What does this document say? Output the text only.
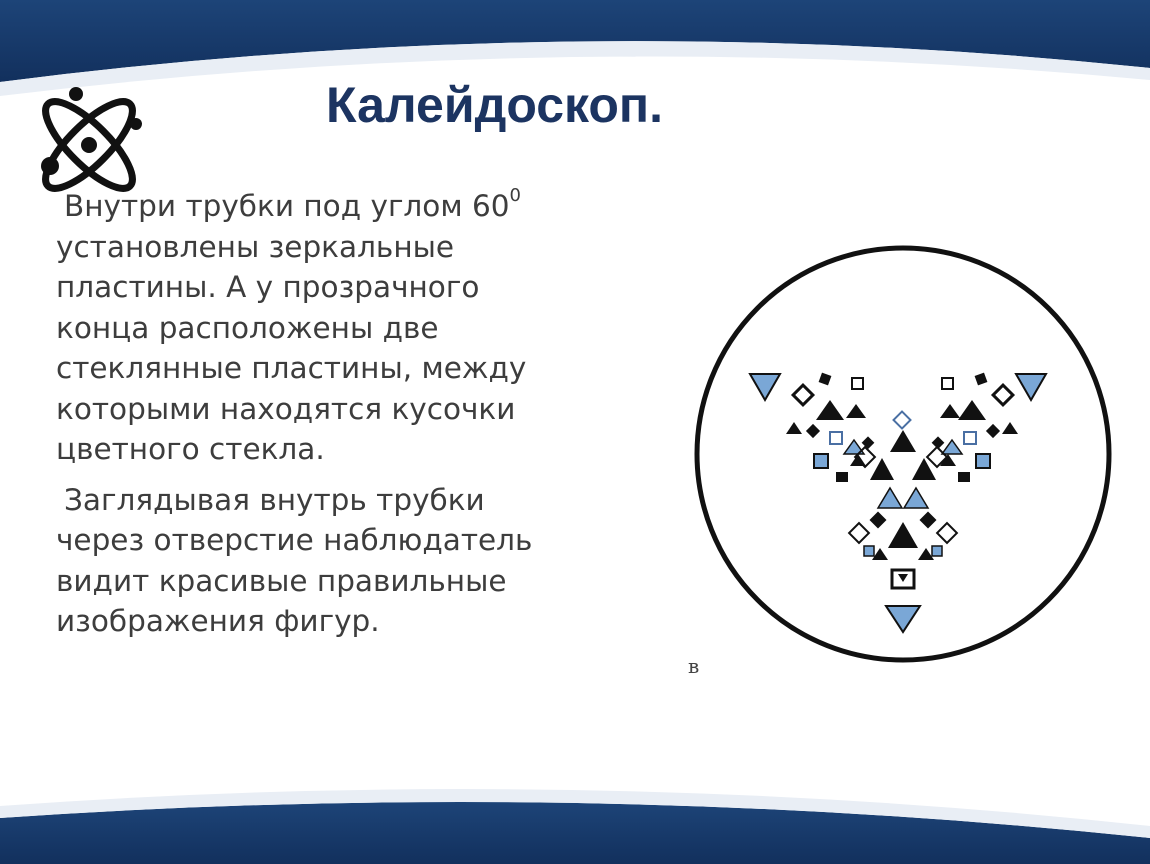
Калейдоскоп.

Внутри трубки под углом $60^0$ установлены зеркальные пластины. А у прозрачного конца расположены две стеклянные пластины, между которыми находятся кусочки цветного стекла.

Заглядывая внутрь трубки через отверстие наблюдатель видит красивые правильные изображения фигур.

в
